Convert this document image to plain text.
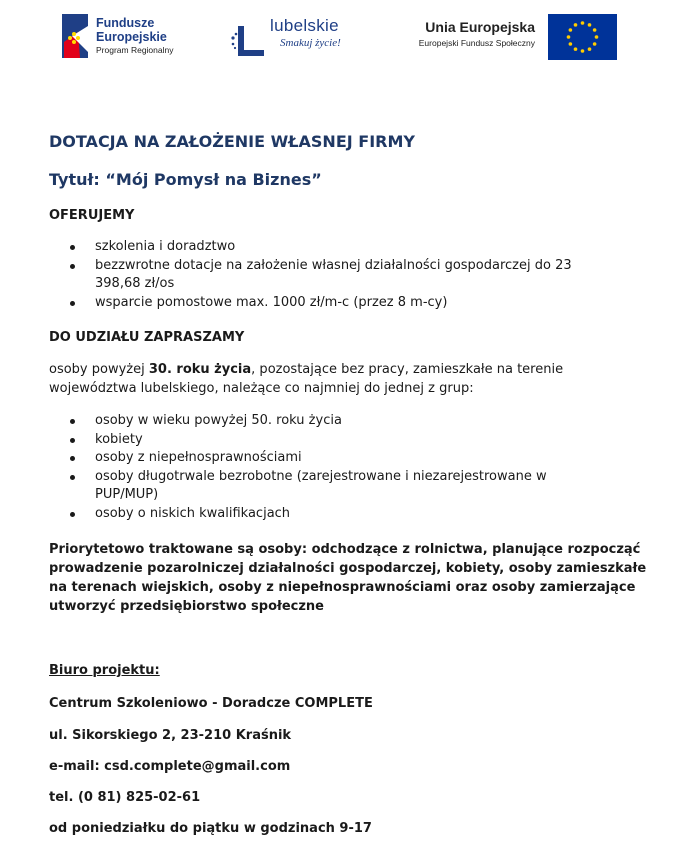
Fundusze
Europejskie
Program Regionalny
lubelskie
Smakuj życie!
Unia Europejska
Europejski Fundusz Społeczny
DOTACJA NA ZAŁOŻENIE WŁASNEJ FIRMY
Tytuł: “Mój Pomysł na Biznes”
OFERUJEMY
szkolenia i doradztwo
bezzwrotne dotacje na założenie własnej działalności gospodarczej do 23 398,68 zł/os
wsparcie pomostowe max. 1000 zł/m-c (przez 8 m-cy)
DO UDZIAŁU ZAPRASZAMY
osoby powyżej 30. roku życia, pozostające bez pracy, zamieszkałe na terenie województwa lubelskiego, należące co najmniej do jednej z grup:
osoby w wieku powyżej 50. roku życia
kobiety
osoby z niepełnosprawnościami
osoby długotrwale bezrobotne (zarejestrowane i niezarejestrowane w PUP/MUP)
osoby o niskich kwalifikacjach
Priorytetowo traktowane są osoby: odchodzące z rolnictwa, planujące rozpocząć prowadzenie pozarolniczej działalności gospodarczej, kobiety, osoby zamieszkałe na terenach wiejskich, osoby z niepełnosprawnościami oraz osoby zamierzające utworzyć przedsiębiorstwo społeczne
Biuro projektu:
Centrum Szkoleniowo - Doradcze COMPLETE
ul. Sikorskiego 2, 23-210 Kraśnik
e-mail: csd.complete@gmail.com
tel. (0 81) 825-02-61
od poniedziałku do piątku w godzinach 9-17
